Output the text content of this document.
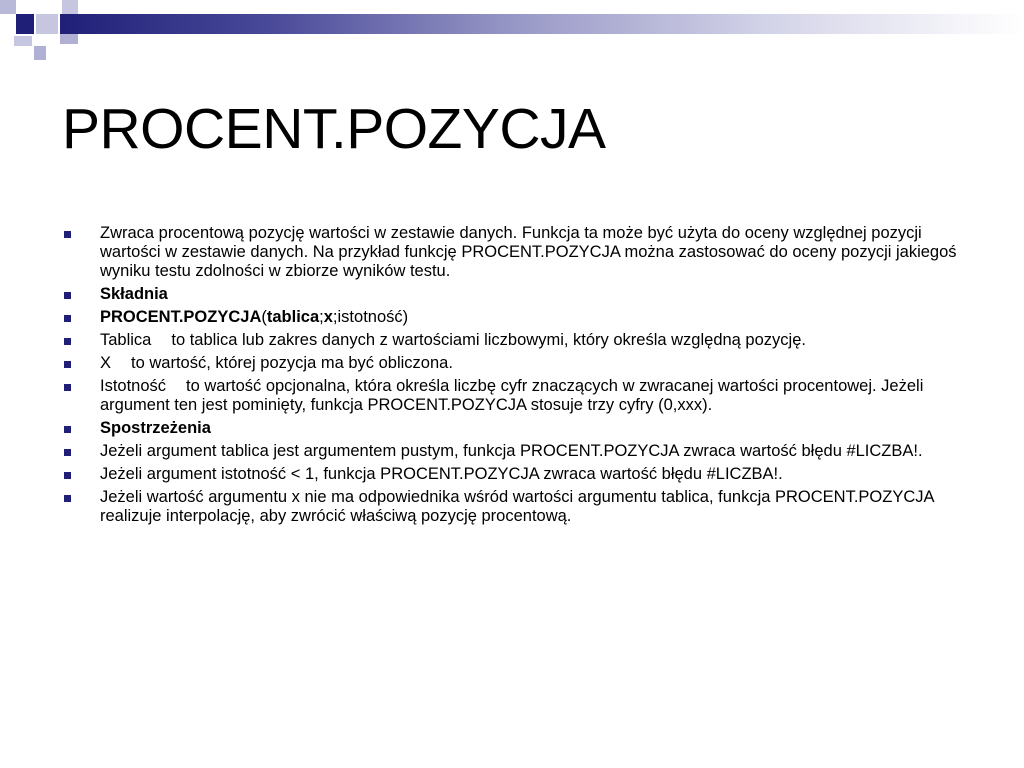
PROCENT.POZYCJA
Zwraca procentową pozycję wartości w zestawie danych. Funkcja ta może być użyta do oceny względnej pozycji wartości w zestawie danych. Na przykład funkcję PROCENT.POZYCJA można zastosować do oceny pozycji jakiegoś wyniku testu zdolności w zbiorze wyników testu.
Składnia
PROCENT.POZYCJA(tablica;x;istotność)
Tablica to tablica lub zakres danych z wartościami liczbowymi, który określa względną pozycję.
X to wartość, której pozycja ma być obliczona.
Istotność to wartość opcjonalna, która określa liczbę cyfr znaczących w zwracanej wartości procentowej. Jeżeli argument ten jest pominięty, funkcja PROCENT.POZYCJA stosuje trzy cyfry (0,xxx).
Spostrzeżenia
Jeżeli argument tablica jest argumentem pustym, funkcja PROCENT.POZYCJA zwraca wartość błędu #LICZBA!.
Jeżeli argument istotność < 1, funkcja PROCENT.POZYCJA zwraca wartość błędu #LICZBA!.
Jeżeli wartość argumentu x nie ma odpowiednika wśród wartości argumentu tablica, funkcja PROCENT.POZYCJA realizuje interpolację, aby zwrócić właściwą pozycję procentową.
